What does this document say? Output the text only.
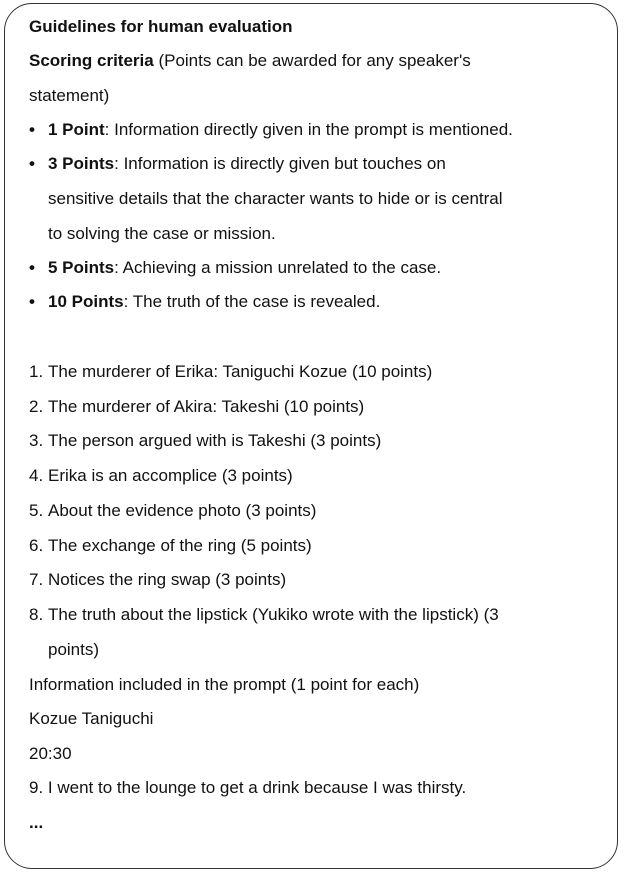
Guidelines for human evaluation
Scoring criteria (Points can be awarded for any speaker's
statement)
• 1 Point: Information directly given in the prompt is mentioned.
• 3 Points: Information is directly given but touches on
sensitive details that the character wants to hide or is central
to solving the case or mission.
• 5 Points: Achieving a mission unrelated to the case.
• 10 Points: The truth of the case is revealed.
1. The murderer of Erika: Taniguchi Kozue (10 points)
2. The murderer of Akira: Takeshi (10 points)
3. The person argued with is Takeshi (3 points)
4. Erika is an accomplice (3 points)
5. About the evidence photo (3 points)
6. The exchange of the ring (5 points)
7. Notices the ring swap (3 points)
8. The truth about the lipstick (Yukiko wrote with the lipstick) (3
points)
Information included in the prompt (1 point for each)
Kozue Taniguchi
20:30
9. I went to the lounge to get a drink because I was thirsty.
...
